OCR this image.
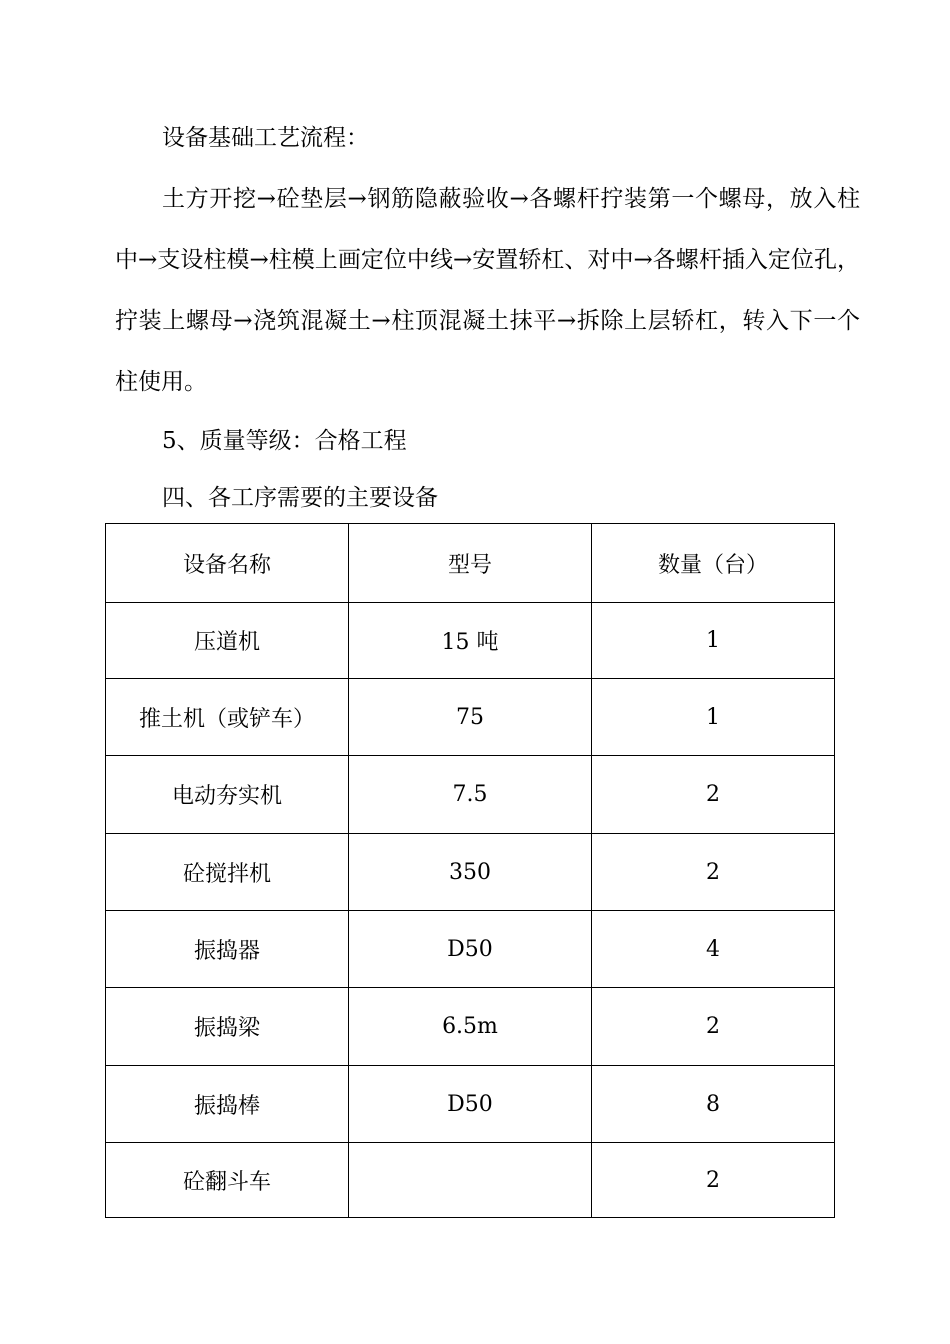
设备基础工艺流程：

土方开挖→砼垫层→钢筋隐蔽验收→各螺杆拧装第一个螺母，放入柱中→支设柱模→柱模上画定位中线→安置轿杠、对中→各螺杆插入定位孔，拧装上螺母→浇筑混凝土→柱顶混凝土抹平→拆除上层轿杠，转入下一个柱使用。

5、质量等级：合格工程

四、各工序需要的主要设备

设备名称	型号	数量（台）
压道机	15 吨	1
推土机（或铲车）	75	1
电动夯实机	7.5	2
砼搅拌机	350	2
振捣器	D50	4
振捣梁	6.5m	2
振捣棒	D50	8
砼翻斗车		2
